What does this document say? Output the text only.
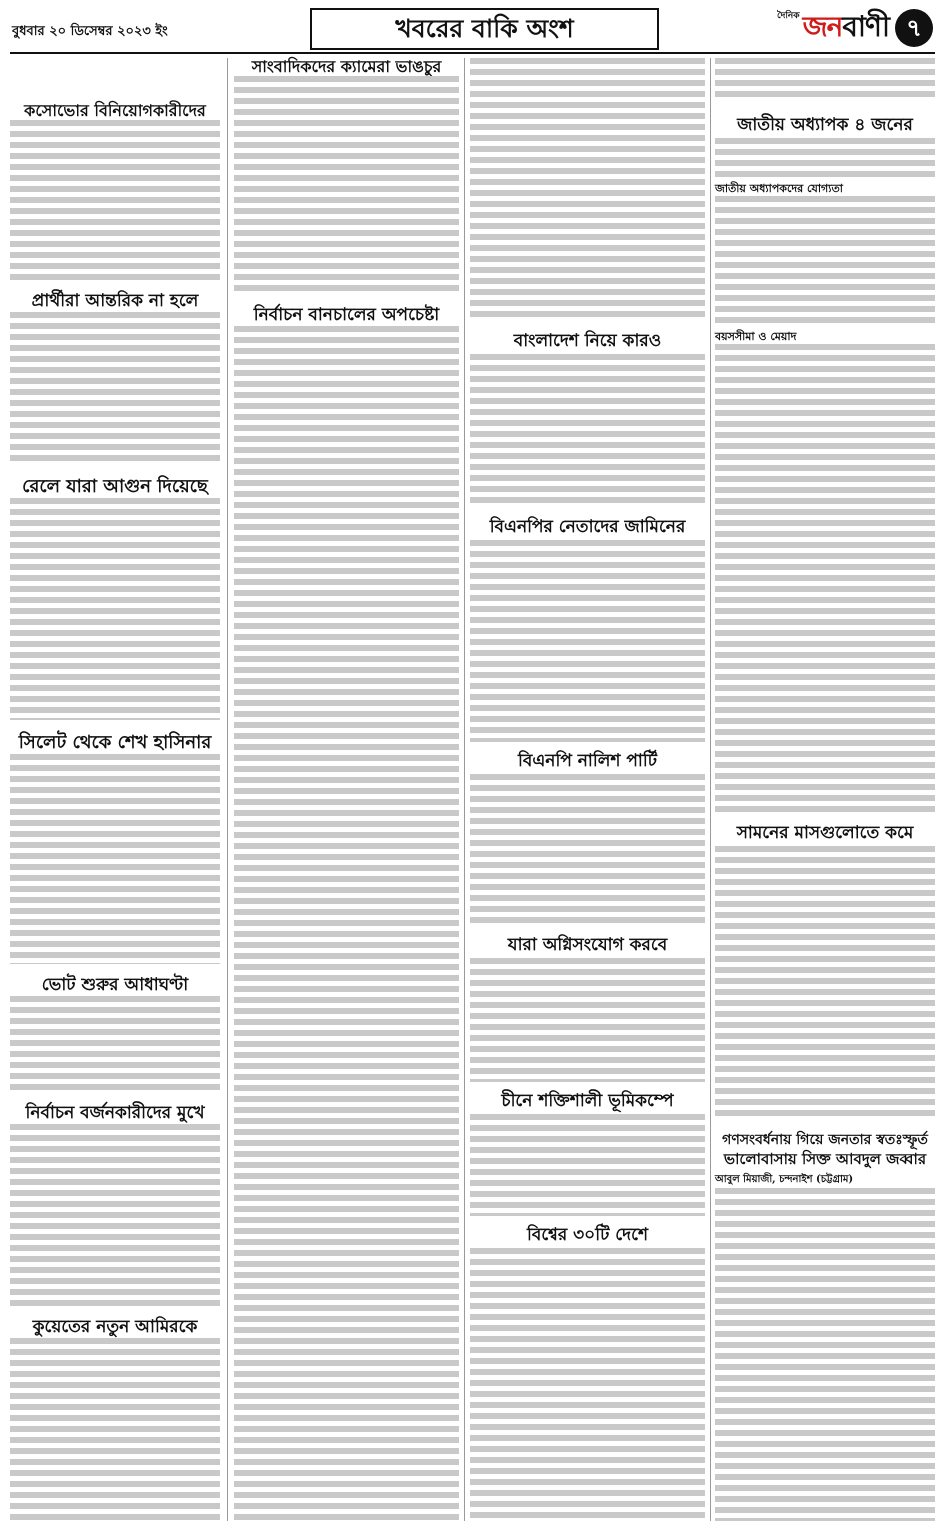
বুধবার ২০ ডিসেম্বর ২০২৩ ইং	খবরের বাকি অংশ	দৈনিক জনবাণী ৭
কসোভোর বিনিয়োগকারীদের
প্রার্থীরা আন্তরিক না হলে
রেলে যারা আগুন দিয়েছে
সিলেট থেকে শেখ হাসিনার
ভোট শুরুর আধাঘণ্টা
নির্বাচন বর্জনকারীদের মুখে
কুয়েতের নতুন আমিরকে
সাংবাদিকদের ক্যামেরা ভাঙচুর
নির্বাচন বানচালের অপচেষ্টা
বাংলাদেশ নিয়ে কারও
বিএনপির নেতাদের জামিনের
বিএনপি নালিশ পার্টি
যারা অগ্নিসংযোগ করবে
চীনে শক্তিশালী ভূমিকম্পে
বিশ্বের ৩০টি দেশে
জাতীয় অধ্যাপক ৪ জনের
জাতীয় অধ্যাপকদের যোগ্যতা
বয়সসীমা ও মেয়াদ
সামনের মাসগুলোতে কমে
গণসংবর্ধনায় গিয়ে জনতার স্বতঃস্ফূর্ত
ভালোবাসায় সিক্ত আবদুল জব্বার
আবুল মিয়াজী, চন্দনাইশ (চট্টগ্রাম)
